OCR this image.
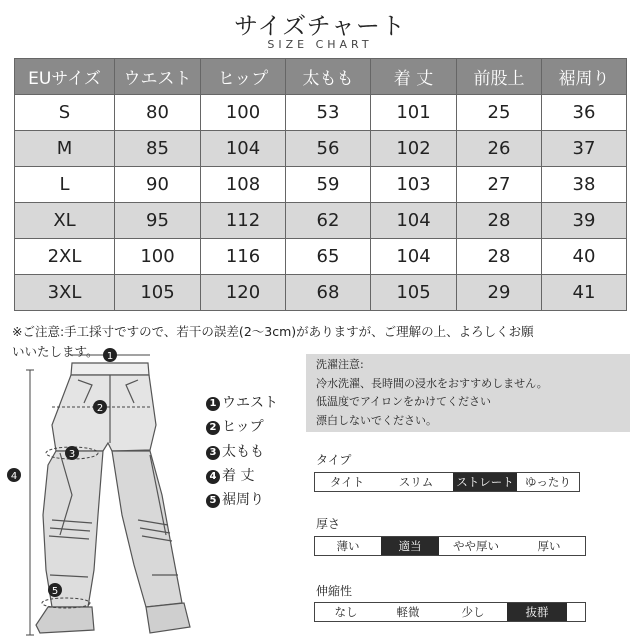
サイズチャート
SIZE CHART
EUサイズ	ウエスト	ヒップ	太もも	着 丈	前股上	裾周り
S	80	100	53	101	25	36
M	85	104	56	102	26	37
L	90	108	59	103	27	38
XL	95	112	62	104	28	39
2XL	100	116	65	104	28	40
3XL	105	120	68	105	29	41
※ご注意:手工採寸ですので、若干の誤差(2〜3cm)がありますが、ご理解の上、よろしくお願
いいたします。
洗濯注意:
冷水洗濯、長時間の浸水をおすすめしません。
低温度でアイロンをかけてください
漂白しないでください。
1
2
3
4
5
1 ウエスト
2 ヒップ
3 太もも
4 着 丈
5 裾周り
タイプ
タイト	スリム	ストレート ゆったり
厚さ
薄い	適当	やや厚い	厚い
伸縮性
なし	軽微	少し	抜群
